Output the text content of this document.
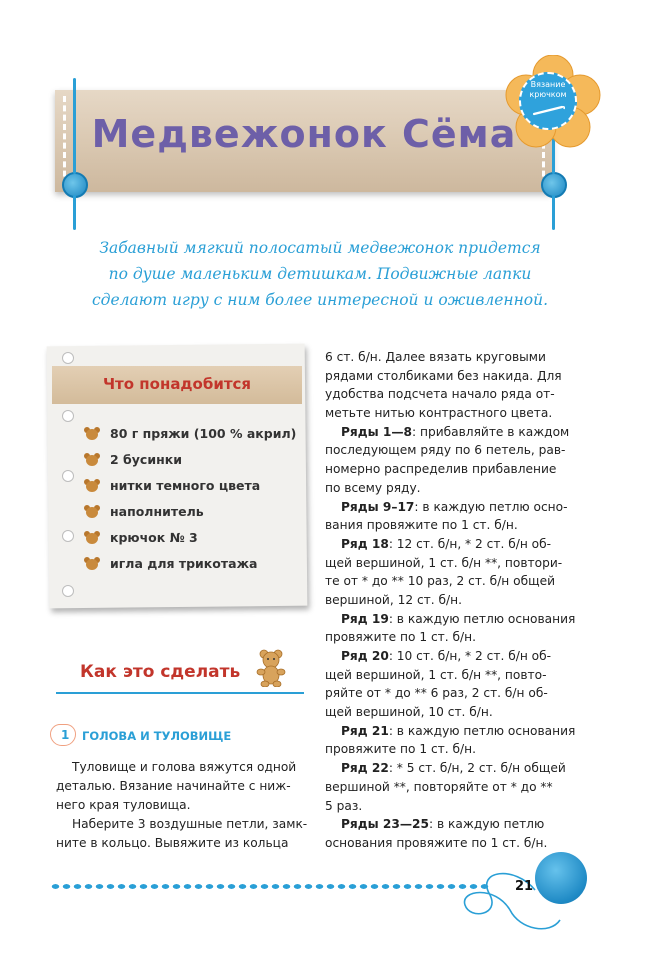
Медвежонок Сёма
Вязание крючком
Забавный мягкий полосатый медвежонок придется
по душе маленьким детишкам. Подвижные лапки
сделают игру с ним более интересной и оживленной.
Что понадобится
80 г пряжи (100 % акрил)
2 бусинки
нитки темного цвета
наполнитель
крючок № 3
игла для трикотажа
Как это сделать
1 ГОЛОВА И ТУЛОВИЩЕ
Туловище и голова вяжутся одной
деталью. Вязание начинайте с ниж-
него края туловища.
Наберите 3 воздушные петли, замк-
ните в кольцо. Вывяжите из кольца
6 ст. б/н. Далее вязать круговыми
рядами столбиками без накида. Для
удобства подсчета начало ряда от-
метьте нитью контрастного цвета.
Ряды 1—8: прибавляйте в каждом
последующем ряду по 6 петель, рав-
номерно распределив прибавление
по всему ряду.
Ряды 9–17: в каждую петлю осно-
вания провяжите по 1 ст. б/н.
Ряд 18: 12 ст. б/н, * 2 ст. б/н об-
щей вершиной, 1 ст. б/н **, повтори-
те от * до ** 10 раз, 2 ст. б/н общей
вершиной, 12 ст. б/н.
Ряд 19: в каждую петлю основания
провяжите по 1 ст. б/н.
Ряд 20: 10 ст. б/н, * 2 ст. б/н об-
щей вершиной, 1 ст. б/н **, повто-
ряйте от * до ** 6 раз, 2 ст. б/н об-
щей вершиной, 10 ст. б/н.
Ряд 21: в каждую петлю основания
провяжите по 1 ст. б/н.
Ряд 22: * 5 ст. б/н, 2 ст. б/н общей
вершиной **, повторяйте от * до **
5 раз.
Ряды 23—25: в каждую петлю
основания провяжите по 1 ст. б/н.
21
